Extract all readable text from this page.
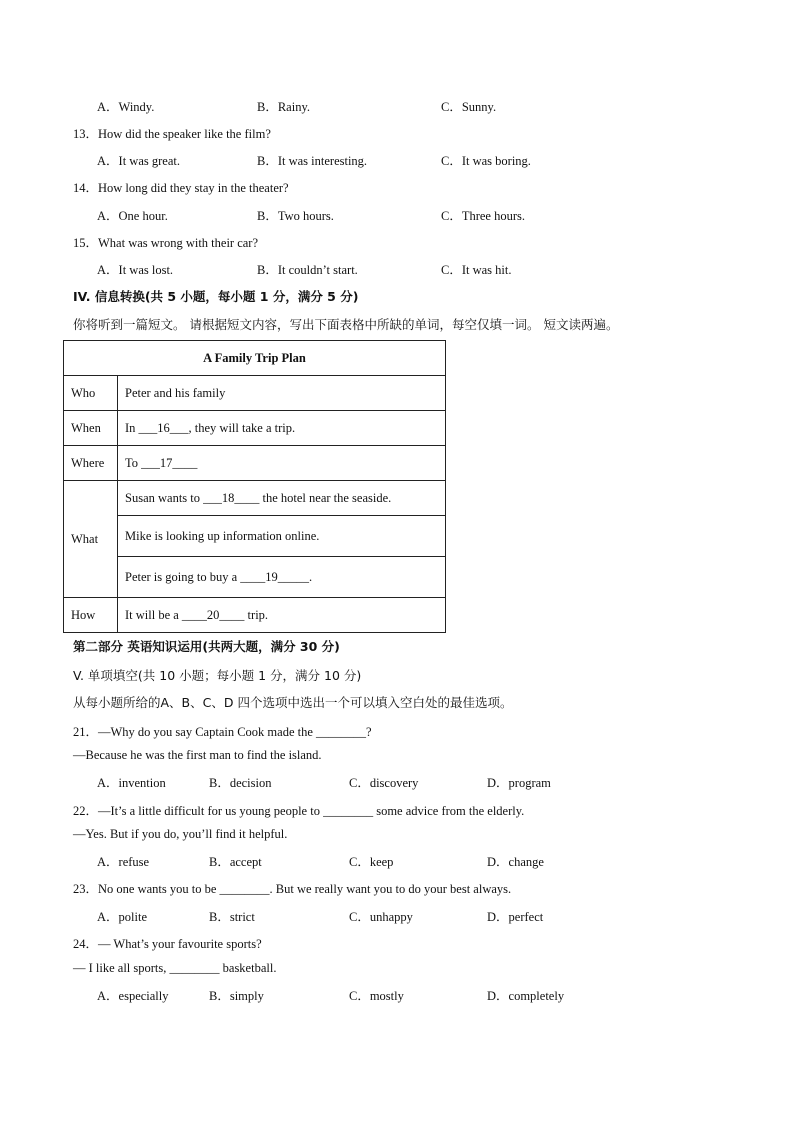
A．Windy.	B．Rainy.	C．Sunny.
13．How did the speaker like the film?
A．It was great.	B．It was interesting.	C．It was boring.
14．How long did they stay in the theater?
A．One hour.	B．Two hours.	C．Three hours.
15．What was wrong with their car?
A．It was lost.	B．It couldn’t start.	C．It was hit.
IV. 信息转换(共 5 小题，每小题 1 分，满分 5 分)
你将听到一篇短文。 请根据短文内容，写出下面表格中所缺的单词，每空仅填一词。 短文读两遍。
A Family Trip Plan	
Who	Peter and his family
When	In ___16___, they will take a trip.
Where	To ___17____
What	Susan wants to ___18____ the hotel near the seaside.
	Mike is looking up information online.
	Peter is going to buy a ____19_____.
How	It will be a ____20____ trip.
第二部分 英语知识运用(共两大题，满分 30 分)
V. 单项填空(共 10 小题；每小题 1 分，满分 10 分)
从每小题所给的A、B、C、D 四个选项中选出一个可以填入空白处的最佳选项。
21．—Why do you say Captain Cook made the ________?
—Because he was the first man to find the island.
A．invention	B．decision	C．discovery	D．program
22．—It’s a little difficult for us young people to ________ some advice from the elderly.
—Yes. But if you do, you’ll find it helpful.
A．refuse	B．accept	C．keep	D．change
23．No one wants you to be ________. But we really want you to do your best always.
A．polite	B．strict	C．unhappy	D．perfect
24．— What’s your favourite sports?
— I like all sports, ________ basketball.
A．especially	B．simply	C．mostly	D．completely
